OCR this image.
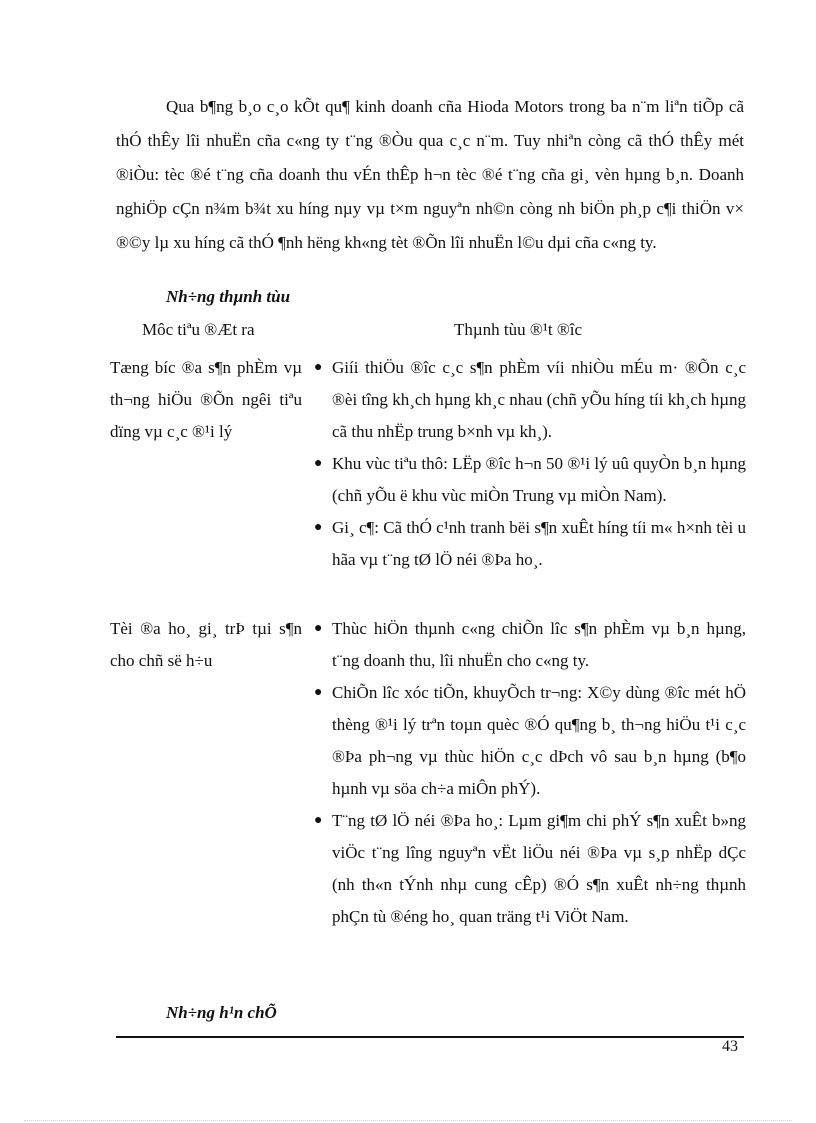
Qua b¶ng b¸o c¸o kÕt qu¶ kinh doanh cña Hioda Motors trong ba n¨m liªn tiÕp cã thÓ thÊy lîi nhuËn cña c«ng ty t¨ng ®Òu qua c¸c n¨m. Tuy nhiªn còng cã thÓ thÊy mét ®iÒu: tèc ®é t¨ng cña doanh thu vÉn thÊp h¬n tèc ®é t¨ng cña gi¸ vèn hµng b¸n. Doanh nghiÖp cÇn n¾m b¾t xu híng nµy vµ t×m nguyªn nh©n còng nh biÖn ph¸p c¶i thiÖn v× ®©y lµ xu híng cã thÓ ¶nh hëng kh«ng tèt ®Õn lîi nhuËn l©u dµi cña c«ng ty.

Nh÷ng thµnh tùu
Môc tiªu ®Æt ra	Thµnh tùu ®¹t ®îc
Tæng bíc ®a s¶n phÈm vµ th¬ng hiÖu ®Õn ngêi tiªu dïng vµ c¸c ®¹i lý
● Giíi thiÖu ®îc c¸c s¶n phÈm víi nhiÒu mÉu m· ®Õn c¸c ®èi tîng kh¸ch hµng kh¸c nhau (chñ yÕu híng tíi kh¸ch hµng cã thu nhËp trung b×nh vµ kh¸).
● Khu vùc tiªu thô: LËp ®îc h¬n 50 ®¹i lý uû quyÒn b¸n hµng (chñ yÕu ë khu vùc miÒn Trung vµ miÒn Nam).
● Gi¸ c¶: Cã thÓ c¹nh tranh bëi s¶n xuÊt híng tíi m« h×nh tèi u hãa vµ t¨ng tØ lÖ néi ®Þa ho¸.
Tèi ®a ho¸ gi¸ trÞ tµi s¶n cho chñ së h÷u
● Thùc hiÖn thµnh c«ng chiÕn lîc s¶n phÈm vµ b¸n hµng, t¨ng doanh thu, lîi nhuËn cho c«ng ty.
● ChiÕn lîc xóc tiÕn, khuyÕch tr¬ng: X©y dùng ®îc mét hÖ thèng ®¹i lý trªn toµn quèc ®Ó qu¶ng b¸ th¬ng hiÖu t¹i c¸c ®Þa ph¬ng vµ thùc hiÖn c¸c dÞch vô sau b¸n hµng (b¶o hµnh vµ söa ch÷a miÔn phÝ).
● T¨ng tØ lÖ néi ®Þa ho¸: Lµm gi¶m chi phÝ s¶n xuÊt b»ng viÖc t¨ng lîng nguyªn vËt liÖu néi ®Þa vµ s¸p nhËp dÇc (nh th«n tÝnh nhµ cung cÊp) ®Ó s¶n xuÊt nh÷ng thµnh phÇn tù ®éng ho¸ quan träng t¹i ViÖt Nam.
Nh÷ng h¹n chÕ
43
